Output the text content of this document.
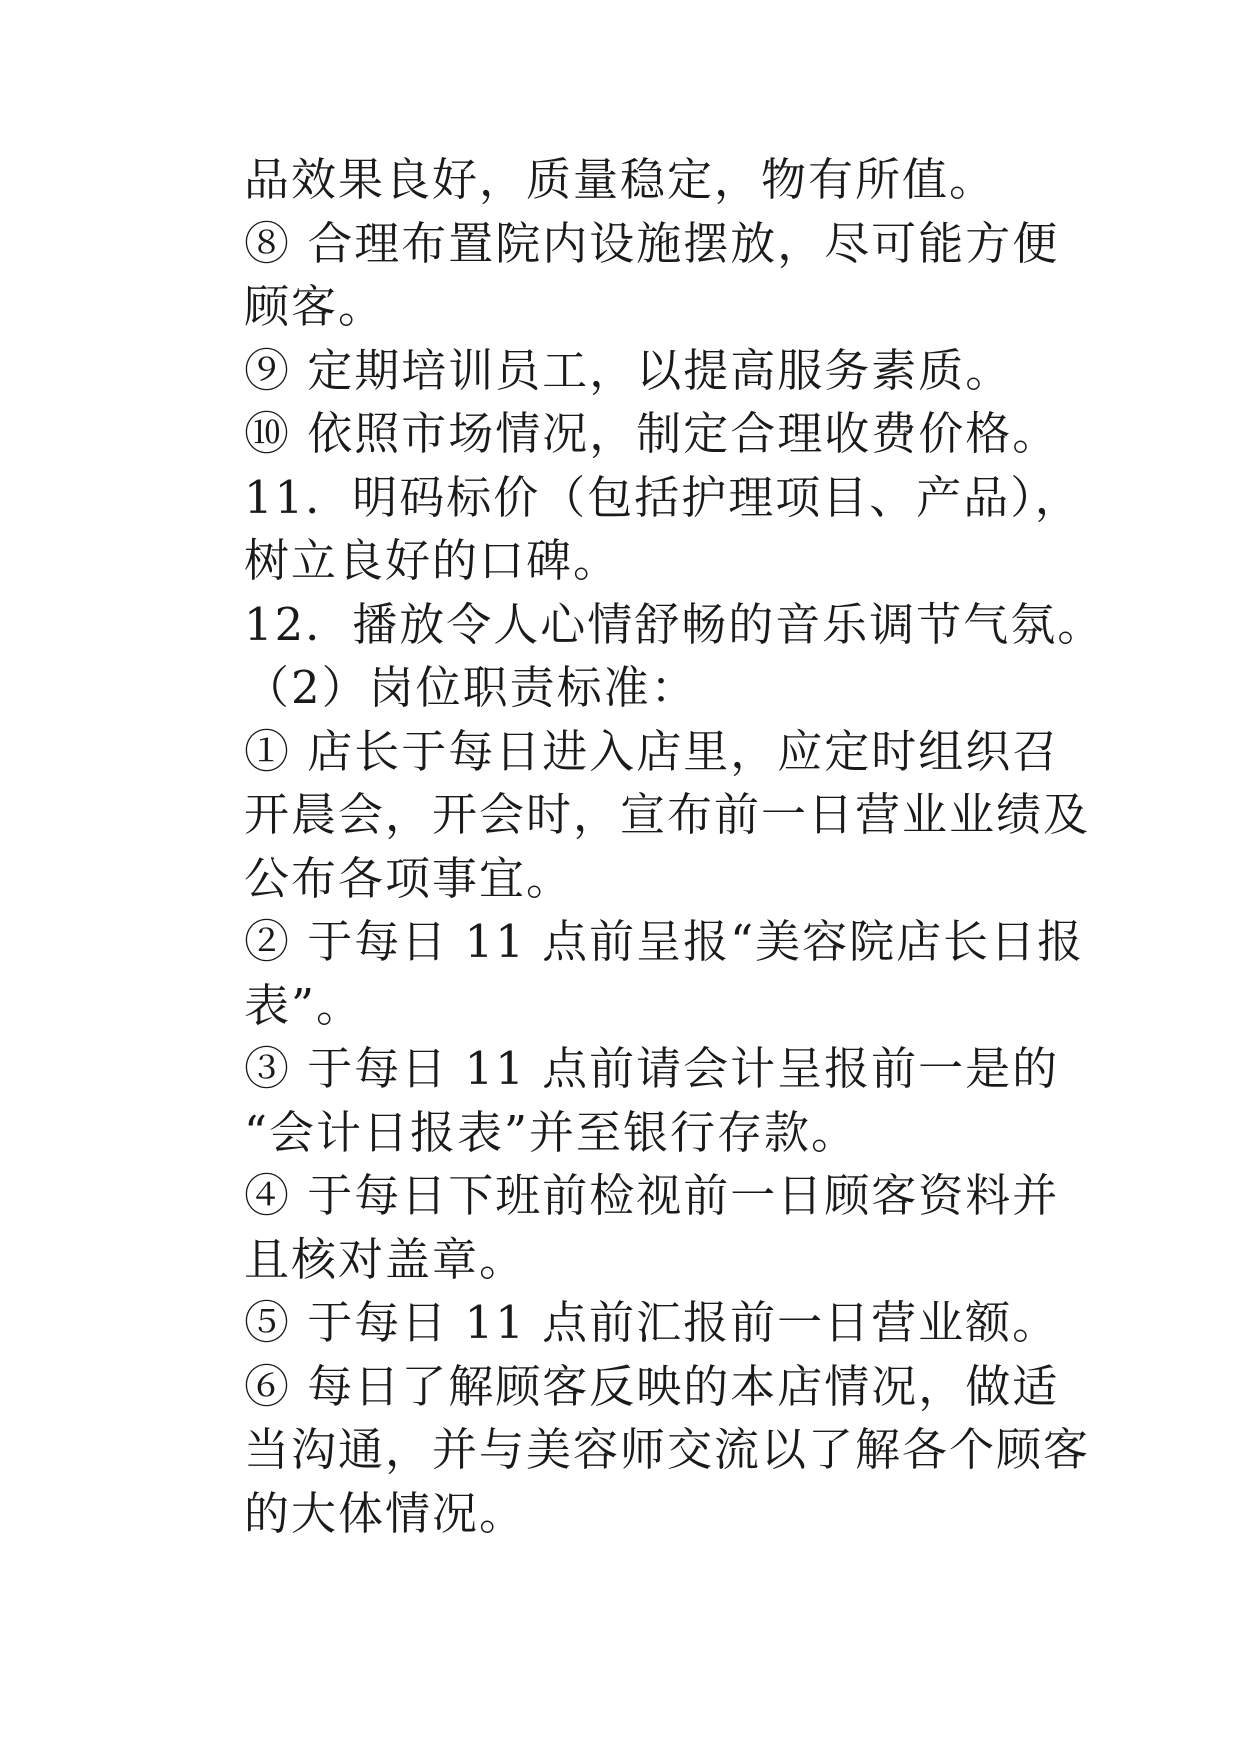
品效果良好，质量稳定，物有所值。
⑧ 合理布置院内设施摆放，尽可能方便
顾客。
⑨ 定期培训员工，以提高服务素质。
⑩ 依照市场情况，制定合理收费价格。
11．明码标价（包括护理项目、产品），
树立良好的口碑。
12．播放令人心情舒畅的音乐调节气氛。
（2）岗位职责标准：
① 店长于每日进入店里，应定时组织召
开晨会，开会时，宣布前一日营业业绩及
公布各项事宜。
② 于每日 11 点前呈报“美容院店长日报
表”。
③ 于每日 11 点前请会计呈报前一是的
“会计日报表”并至银行存款。
④ 于每日下班前检视前一日顾客资料并
且核对盖章。
⑤ 于每日 11 点前汇报前一日营业额。
⑥ 每日了解顾客反映的本店情况，做适
当沟通，并与美容师交流以了解各个顾客
的大体情况。
